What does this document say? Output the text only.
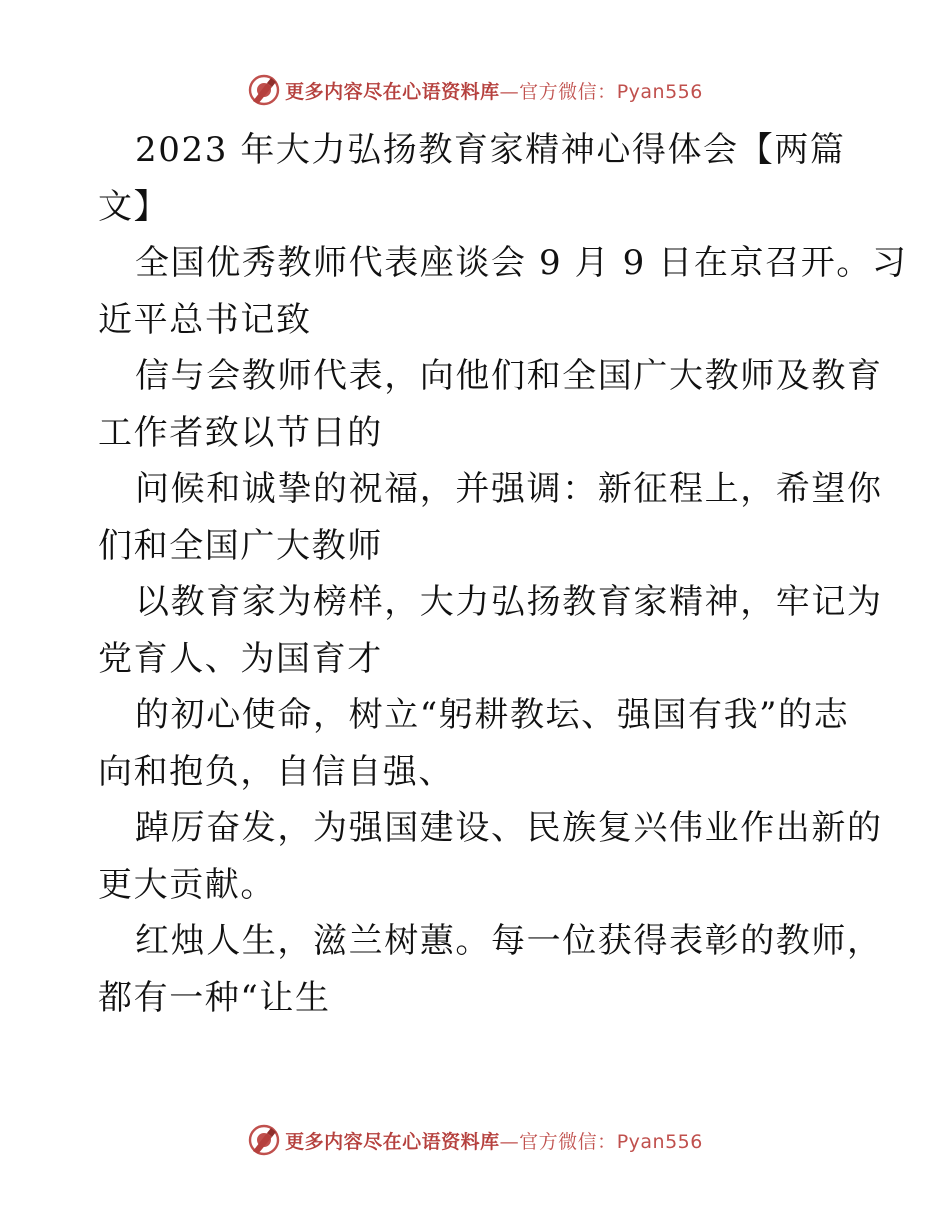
更多内容尽在心语资料库—官方微信：Pyan556
2023 年大力弘扬教育家精神心得体会【两篇
文】
全国优秀教师代表座谈会 9 月 9 日在京召开。习
近平总书记致
信与会教师代表，向他们和全国广大教师及教育
工作者致以节日的
问候和诚挚的祝福，并强调：新征程上，希望你
们和全国广大教师
以教育家为榜样，大力弘扬教育家精神，牢记为
党育人、为国育才
的初心使命，树立“躬耕教坛、强国有我”的志
向和抱负，自信自强、
踔厉奋发，为强国建设、民族复兴伟业作出新的
更大贡献。
红烛人生，滋兰树蕙。每一位获得表彰的教师，
都有一种“让生
更多内容尽在心语资料库—官方微信：Pyan556
